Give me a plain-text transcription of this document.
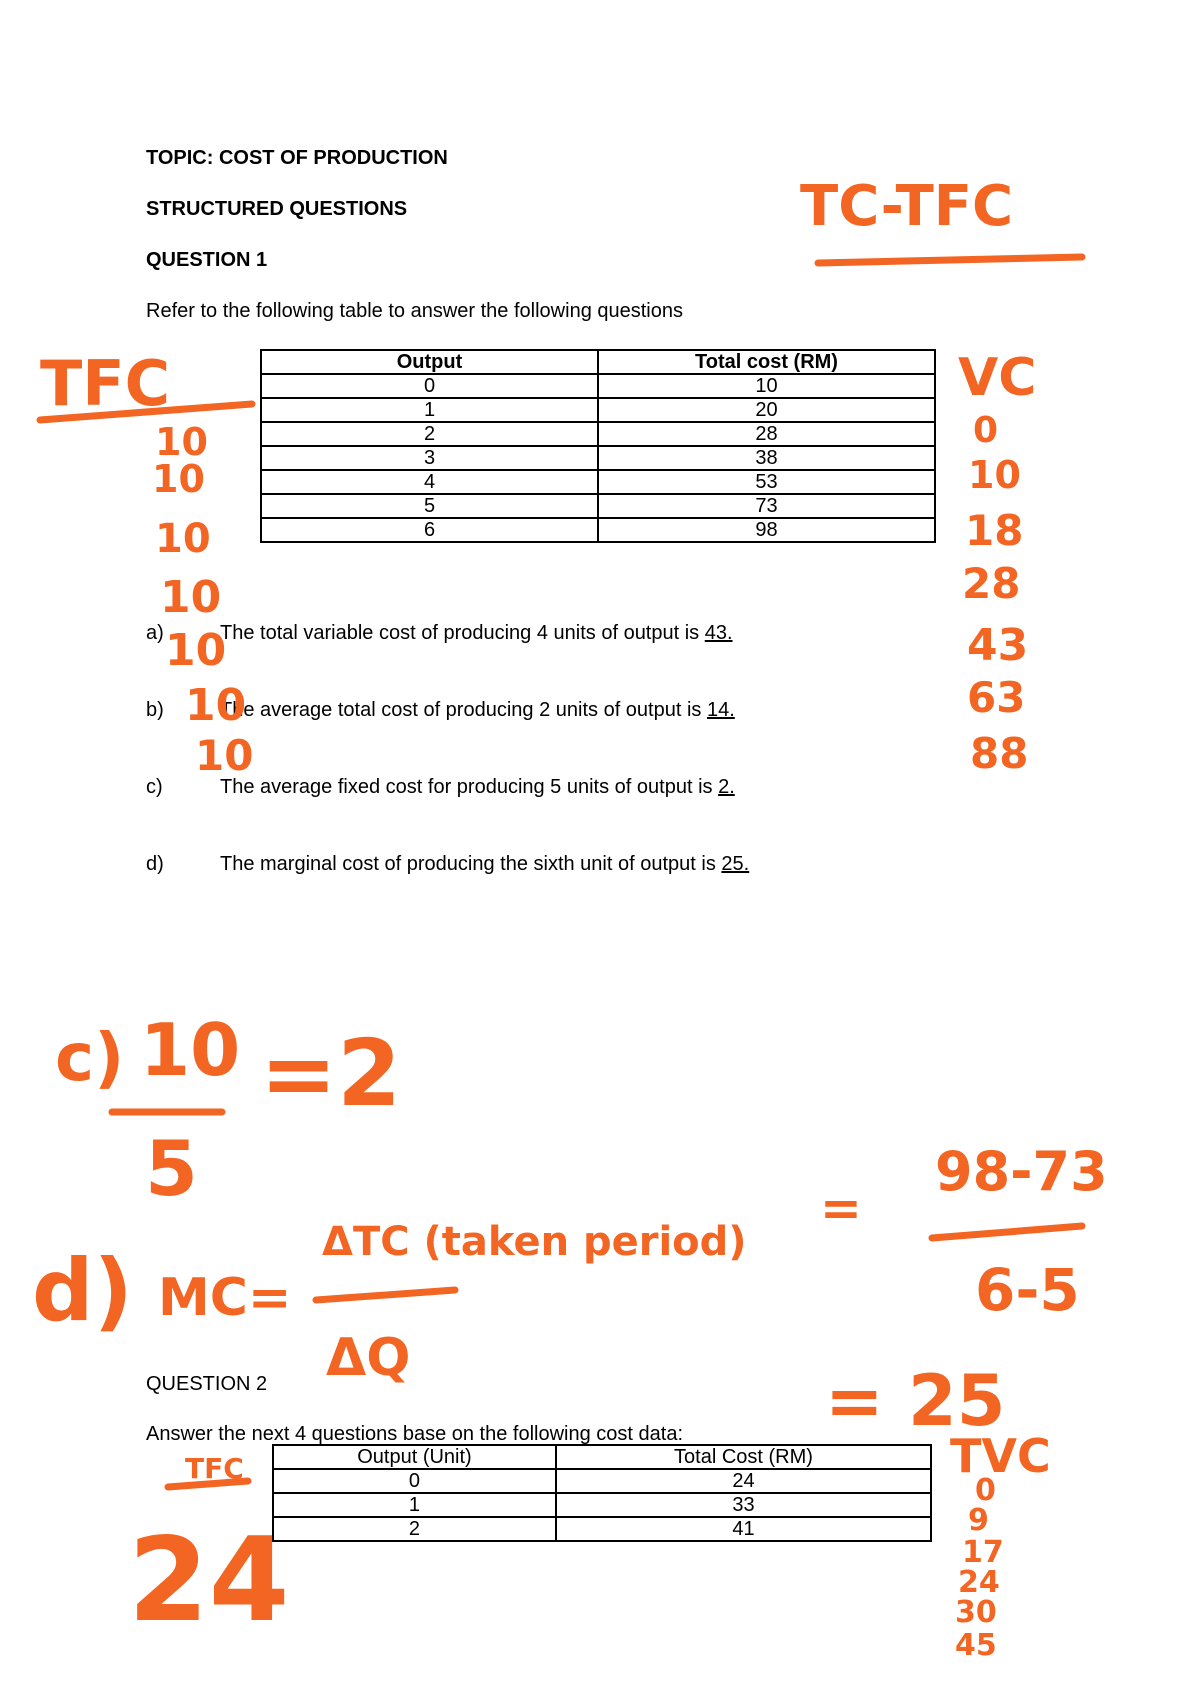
TOPIC: COST OF PRODUCTION
STRUCTURED QUESTIONS
QUESTION 1
Refer to the following table to answer the following questions
Output	Total cost (RM)
0	10
1	20
2	28
3	38
4	53
5	73
6	98
a)	The total variable cost of producing 4 units of output is 43.
b)	The average total cost of producing 2 units of output is 14.
c)	The average fixed cost for producing 5 units of output is 2.
d)	The marginal cost of producing the sixth unit of output is 25.
QUESTION 2
Answer the next 4 questions base on the following cost data:
Output (Unit)	Total Cost (RM)
0	24
1	33
2	41
TC-TFC
TFC
10
10
10
10
10
10
10
VC
0
10
18
28
43
63
88
c) 10
5
=2
d) MC=
ΔTC (taken period)
ΔQ
=
98-73
6-5
= 25
TFC
24
TVC
0
9
17
24
30
45
